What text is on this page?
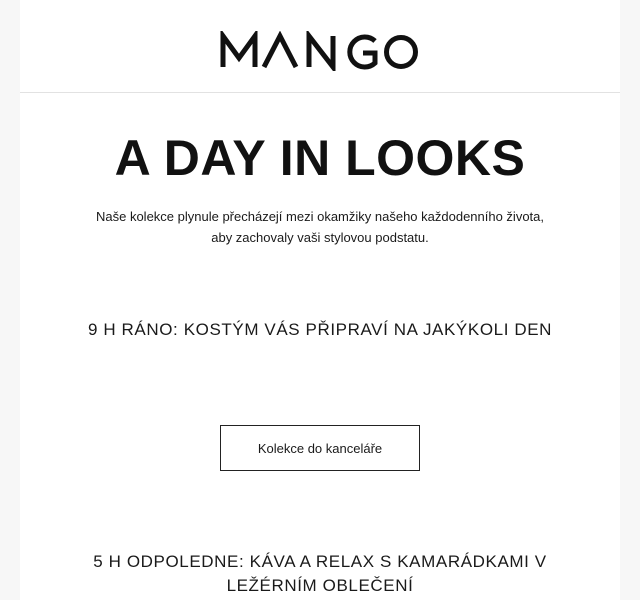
A DAY IN LOOKS

Naše kolekce plynule přecházejí mezi okamžiky našeho každodenního života,
aby zachovaly vaši stylovou podstatu.

9 H RÁNO: KOSTÝM VÁS PŘIPRAVÍ NA JAKÝKOLI DEN
Kolekce do kanceláře
5 H ODPOLEDNE: KÁVA A RELAX S KAMARÁDKAMI V
LEŽÉRNÍM OBLEČENÍ
